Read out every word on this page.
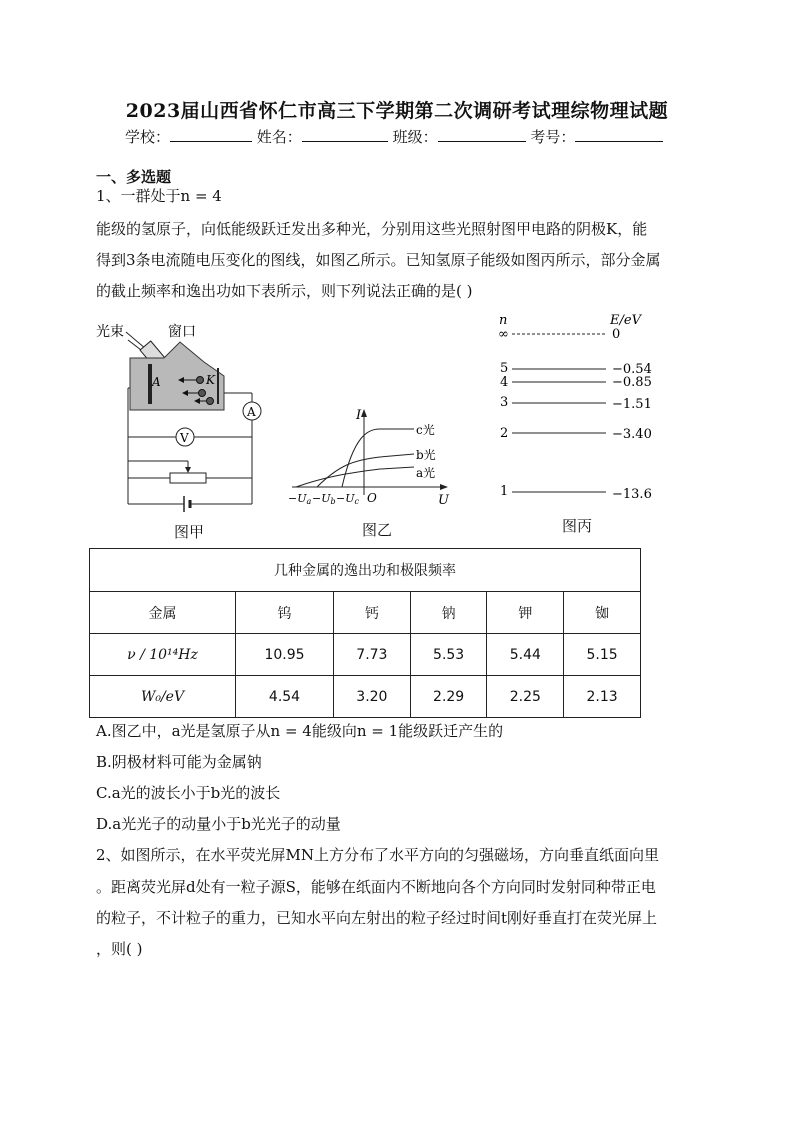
2023届山西省怀仁市高三下学期第二次调研考试理综物理试题
学校：	姓名：	班级：	考号：
一、多选题
1、一群处于n = 4
能级的氢原子，向低能级跃迁发出多种光，分别用这些光照射图甲电路的阴极K，能
得到3条电流随电压变化的图线，如图乙所示。已知氢原子能级如图丙所示，部分金属
的截止频率和逸出功如下表所示，则下列说法正确的是( )
光束	窗口
A	K
A
V
图甲
I
U
O
c光
b光
a光
−Ua −Ub −Uc
图乙
n	E/eV
∞	0
5	−0.54
4	−0.85
3	−1.51
2	−3.40
1	−13.6
图丙
几种金属的逸出功和极限频率					
金属	钨	钙	钠	钾	铷
ν / 10¹⁴Hz	10.95	7.73	5.53	5.44	5.15
W₀/eV	4.54	3.20	2.29	2.25	2.13
A.图乙中，a光是氢原子从n = 4能级向n = 1能级跃迁产生的
B.阴极材料可能为金属钠
C.a光的波长小于b光的波长
D.a光光子的动量小于b光光子的动量
2、如图所示，在水平荧光屏MN上方分布了水平方向的匀强磁场，方向垂直纸面向里
。距离荧光屏d处有一粒子源S，能够在纸面内不断地向各个方向同时发射同种带正电
的粒子，不计粒子的重力，已知水平向左射出的粒子经过时间t刚好垂直打在荧光屏上
，则( )
